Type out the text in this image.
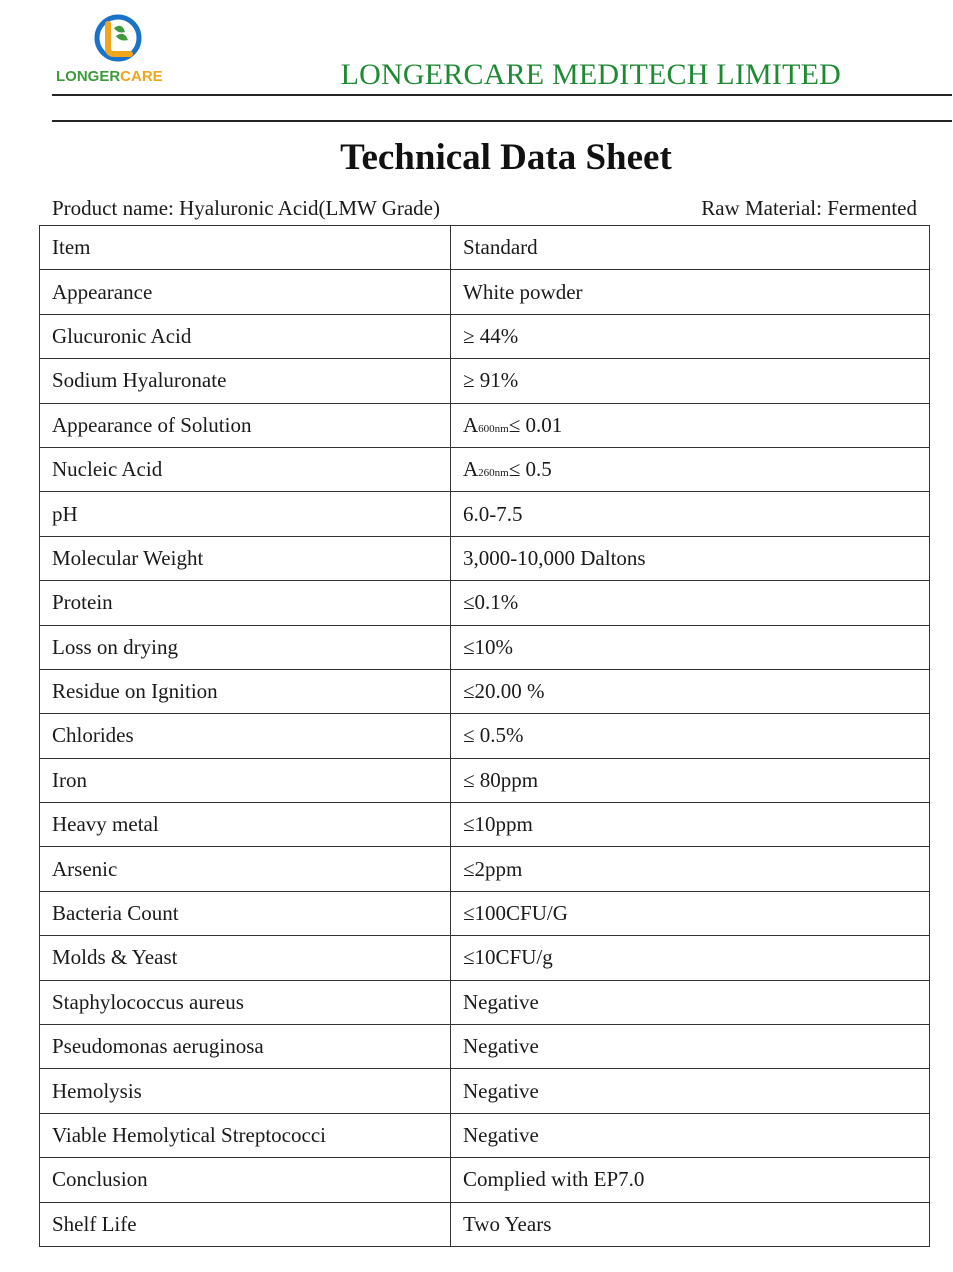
LONGERCARE	LONGERCARE MEDITECH LIMITED
Technical Data Sheet
Product name: Hyaluronic Acid(LMW Grade)	Raw Material: Fermented
Item	Standard
Appearance	White powder
Glucuronic Acid	≥ 44%
Sodium Hyaluronate	≥ 91%
Appearance of Solution	A600nm≤ 0.01
Nucleic Acid	A260nm≤ 0.5
pH	6.0-7.5
Molecular Weight	3,000-10,000 Daltons
Protein	≤0.1%
Loss on drying	≤10%
Residue on Ignition	≤20.00 %
Chlorides	≤ 0.5%
Iron	≤ 80ppm
Heavy metal	≤10ppm
Arsenic	≤2ppm
Bacteria Count	≤100CFU/G
Molds & Yeast	≤10CFU/g
Staphylococcus aureus	Negative
Pseudomonas aeruginosa	Negative
Hemolysis	Negative
Viable Hemolytical Streptococci	Negative
Conclusion	Complied with EP7.0
Shelf Life	Two Years
